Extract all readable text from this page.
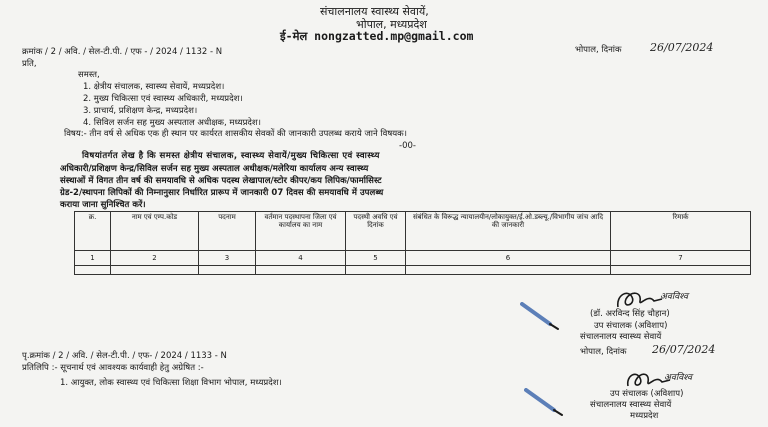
संचालनालय स्वास्थ्य सेवायें,
भोपाल, मध्यप्रदेश
ई-मेल nongzatted.mp@gmail.com
क्रमांक / 2 / अवि. / सेल-टी.पी. / एफ - / 2024 / 1132 - N	भोपाल, दिनांक	26/07/2024
प्रति,
समस्त,
1. क्षेत्रीय संचालक, स्वास्थ्य सेवायें, मध्यप्रदेश।
2. मुख्य चिकित्सा एवं स्वास्थ्य अधिकारी, मध्यप्रदेश।
3. प्राचार्य, प्रशिक्षण केन्द्र, मध्यप्रदेश।
4. सिविल सर्जन सह मुख्य अस्पताल अधीक्षक, मध्यप्रदेश।
विषय:- तीन वर्ष से अधिक एक ही स्थान पर कार्यरत शासकीय सेवकों की जानकारी उपलब्ध कराये जाने विषयक।
-00-
विषयांतर्गत लेख है कि समस्त क्षेत्रीय संचालक, स्वास्थ्य सेवायें/मुख्य चिकित्सा एवं स्वास्थ्य
अधिकारी/प्रशिक्षण केन्द्र/सिविल सर्जन सह मुख्य अस्पताल अधीक्षक/मलेरिया कार्यालय अन्य स्वास्थ्य
संस्थाओं में विगत तीन वर्ष की समयावधि से अधिक पदस्थ लेखापाल/स्टोर कीपर/कय लिपिक/फार्मासिस्ट
ग्रेड-2/स्थापना लिपिकों की निम्नानुसार निर्धारित प्रारूप में जानकारी 07 दिवस की समयावधि में उपलब्ध
कराया जाना सुनिश्चित करें।
क्र.	नाम एवं एम्प.कोड	पदनाम	वर्तमान पदस्थापना जिला एवं कार्यालय का नाम	पदस्थी अवधि एवं दिनांक	संबंधित के विरूद्ध न्यायालयीन/लोकायुक्त/ई.ओ.डब्ल्यू./विभागीय जांच आदि की जानकारी	रिमार्क
1	2	3	4	5	6	7

अवविश्व
(डॉ. अरविन्द सिंह चौहान)
उप संचालक (अविशाप)
संचालनालय स्वास्थ्य सेवायें
पृ.क्रमांक / 2 / अवि. / सेल-टी.पी. / एफ- / 2024 / 1133 - N	भोपाल, दिनांक 26/07/2024
प्रतिलिपि :- सूचनार्थ एवं आवश्यक कार्यवाही हेतु अग्रेषित :-
1. आयुक्त, लोक स्वास्थ्य एवं चिकित्सा शिक्षा विभाग भोपाल, मध्यप्रदेश।	अवविश्व
उप संचालक (अविशाप)
संचालनालय स्वास्थ्य सेवायें
मध्यप्रदेश
